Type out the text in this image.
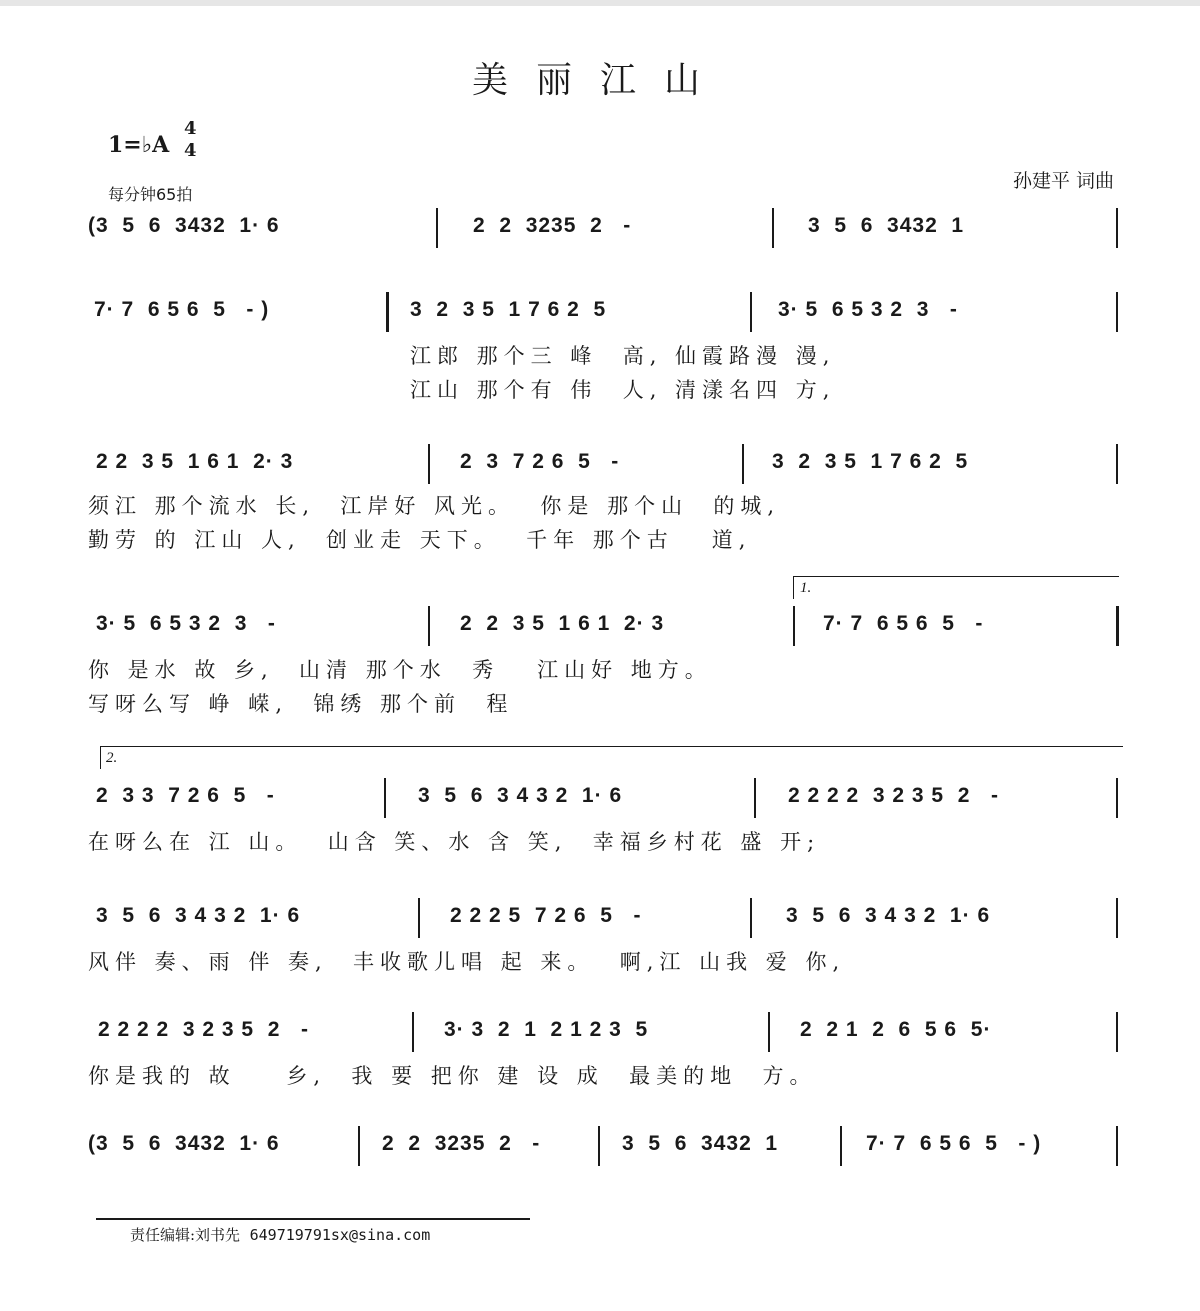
美丽江山
1=♭A
4
4
每分钟65拍
孙建平 词曲
(3  5  6  3432  1· 6	2  2  3235  2   -	3  5  6  3432  1
7· 7  6 5 6  5   - )	3  2  3 5  1 7 6 2  5	3· 5  6 5 3 2  3   -
江郎 那个三 峰  高, 仙霞路漫 漫,
江山 那个有 伟  人, 清漾名四 方,
2 2  3 5  1 6 1  2· 3	2  3  7 2 6  5   -	3  2  3 5  1 7 6 2  5
须江 那个流水 长,  江岸好 风光。  你是 那个山  的城,
勤劳 的 江山 人,  创业走 天下。  千年 那个古   道,
1.
3· 5  6 5 3 2  3   -	2  2  3 5  1 6 1  2· 3	7· 7  6 5 6  5   -
你 是水 故 乡,  山清 那个水  秀   江山好 地方。
写呀么写 峥 嵘,  锦绣 那个前  程
2.
2  3 3  7 2 6  5   -	3  5  6  3 4 3 2  1· 6	2 2 2 2  3 2 3 5  2   -
在呀么在 江 山。  山含 笑、水 含 笑,  幸福乡村花 盛 开;
3  5  6  3 4 3 2  1· 6	2 2 2 5  7 2 6  5   -	3  5  6  3 4 3 2  1· 6
风伴 奏、雨 伴 奏,  丰收歌儿唱 起 来。  啊,江 山我 爱 你,
2 2 2 2  3 2 3 5  2   -	3· 3  2  1  2 1 2 3  5	2  2 1  2  6  5 6  5·
你是我的 故    乡,  我 要 把你 建 设 成  最美的地  方。
(3  5  6  3432  1· 6	2  2  3235  2   -	3  5  6  3432  1	7· 7  6 5 6  5   - )
责任编辑:刘书先 649719791sx@sina.com
